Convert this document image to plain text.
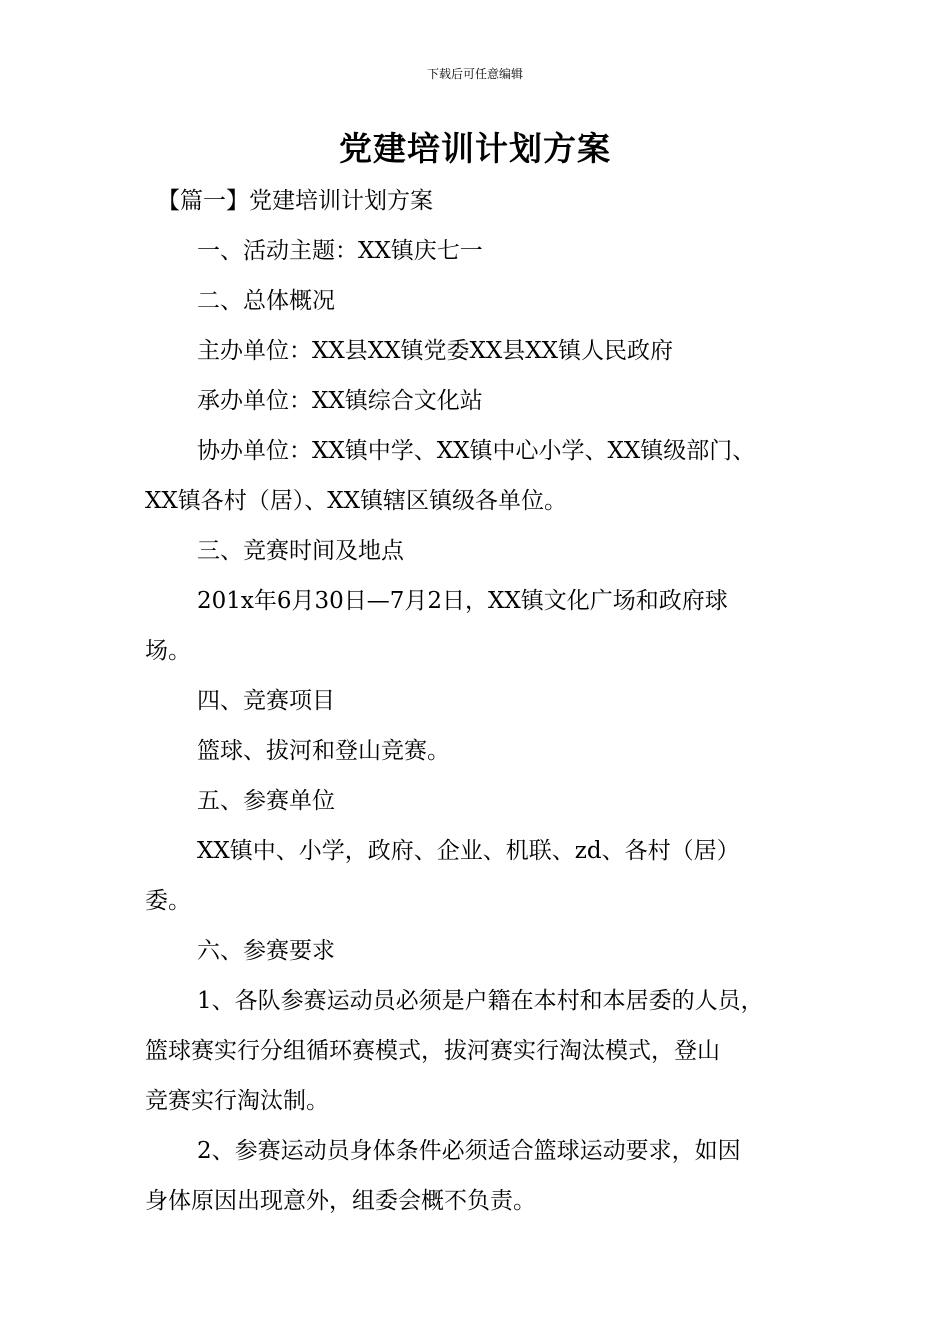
下载后可任意编辑
党建培训计划方案

【篇一】党建培训计划方案

一、活动主题：XX镇庆七一

二、总体概况

主办单位：XX县XX镇党委XX县XX镇人民政府

承办单位：XX镇综合文化站

协办单位：XX镇中学、XX镇中心小学、XX镇级部门、

XX镇各村（居）、XX镇辖区镇级各单位。

三、竞赛时间及地点

201x年6月30日—7月2日，XX镇文化广场和政府球

场。

四、竞赛项目

篮球、拔河和登山竞赛。

五、参赛单位

XX镇中、小学，政府、企业、机联、zd、各村（居）

委。

六、参赛要求

1、各队参赛运动员必须是户籍在本村和本居委的人员，

篮球赛实行分组循环赛模式，拔河赛实行淘汰模式，登山

竞赛实行淘汰制。

2、参赛运动员身体条件必须适合篮球运动要求，如因

身体原因出现意外，组委会概不负责。
